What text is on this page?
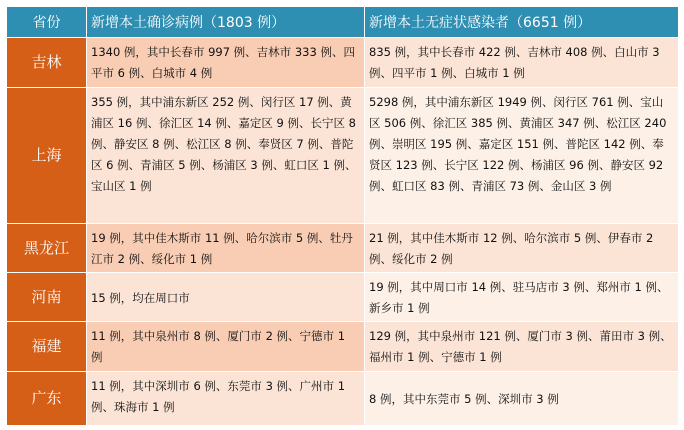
省份	新增本土确诊病例（1803 例）	新增本土无症状感染者（6651 例）
吉林	1340 例，其中长春市 997 例、吉林市 333 例、四平市 6 例、白城市 4 例	835 例，其中长春市 422 例、吉林市 408 例、白山市 3 例、四平市 1 例、白城市 1 例
上海	355 例，其中浦东新区 252 例、闵行区 17 例、黄浦区 16 例、徐汇区 14 例、嘉定区 9 例、长宁区 8 例、静安区 8 例、松江区 8 例、奉贤区 7 例、普陀区 6 例、青浦区 5 例、杨浦区 3 例、虹口区 1 例、宝山区 1 例	5298 例，其中浦东新区 1949 例、闵行区 761 例、宝山区 506 例、徐汇区 385 例、黄浦区 347 例、松江区 240 例、崇明区 195 例、嘉定区 151 例、普陀区 142 例、奉贤区 123 例、长宁区 122 例、杨浦区 96 例、静安区 92 例、虹口区 83 例、青浦区 73 例、金山区 3 例
黑龙江	19 例，其中佳木斯市 11 例、哈尔滨市 5 例、牡丹江市 2 例、绥化市 1 例	21 例，其中佳木斯市 12 例、哈尔滨市 5 例、伊春市 2 例、绥化市 2 例
河南	15 例，均在周口市	19 例，其中周口市 14 例、驻马店市 3 例、郑州市 1 例、新乡市 1 例
福建	11 例，其中泉州市 8 例、厦门市 2 例、宁德市 1 例	129 例，其中泉州市 121 例、厦门市 3 例、莆田市 3 例、福州市 1 例、宁德市 1 例
广东	11 例，其中深圳市 6 例、东莞市 3 例、广州市 1 例、珠海市 1 例	8 例，其中东莞市 5 例、深圳市 3 例
